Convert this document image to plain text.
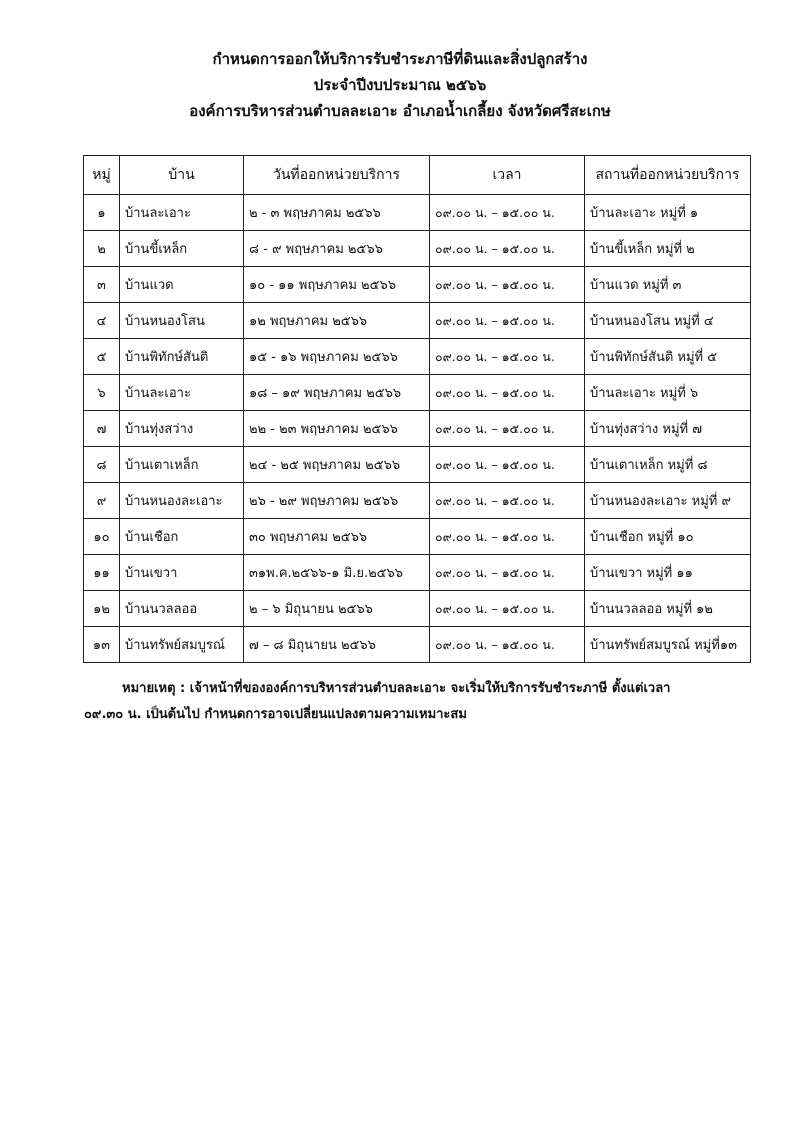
กำหนดการออกให้บริการรับชำระภาษีที่ดินและสิ่งปลูกสร้าง
ประจำปีงบประมาณ ๒๕๖๖
องค์การบริหารส่วนตำบลละเอาะ อำเภอน้ำเกลี้ยง จังหวัดศรีสะเกษ
หมู่	บ้าน	วันที่ออกหน่วยบริการ	เวลา	สถานที่ออกหน่วยบริการ
๑	บ้านละเอาะ	๒ - ๓ พฤษภาคม ๒๕๖๖	๐๙.๐๐ น. – ๑๕.๐๐ น.	บ้านละเอาะ หมู่ที่ ๑
๒	บ้านขี้เหล็ก	๘ - ๙ พฤษภาคม ๒๕๖๖	๐๙.๐๐ น. – ๑๕.๐๐ น.	บ้านขี้เหล็ก หมู่ที่ ๒
๓	บ้านแวด	๑๐ - ๑๑ พฤษภาคม ๒๕๖๖	๐๙.๐๐ น. – ๑๕.๐๐ น.	บ้านแวด หมู่ที่ ๓
๔	บ้านหนองโสน	๑๒ พฤษภาคม ๒๕๖๖	๐๙.๐๐ น. – ๑๕.๐๐ น.	บ้านหนองโสน หมู่ที่ ๔
๕	บ้านพิทักษ์สันติ	๑๕ - ๑๖ พฤษภาคม ๒๕๖๖	๐๙.๐๐ น. – ๑๕.๐๐ น.	บ้านพิทักษ์สันติ หมู่ที่ ๕
๖	บ้านละเอาะ	๑๘ – ๑๙ พฤษภาคม ๒๕๖๖	๐๙.๐๐ น. – ๑๕.๐๐ น.	บ้านละเอาะ หมู่ที่ ๖
๗	บ้านทุ่งสว่าง	๒๒ - ๒๓ พฤษภาคม ๒๕๖๖	๐๙.๐๐ น. – ๑๕.๐๐ น.	บ้านทุ่งสว่าง หมู่ที่ ๗
๘	บ้านเตาเหล็ก	๒๔ - ๒๕ พฤษภาคม ๒๕๖๖	๐๙.๐๐ น. – ๑๕.๐๐ น.	บ้านเตาเหล็ก หมู่ที่ ๘
๙	บ้านหนองละเอาะ	๒๖ - ๒๙ พฤษภาคม ๒๕๖๖	๐๙.๐๐ น. – ๑๕.๐๐ น.	บ้านหนองละเอาะ หมู่ที่ ๙
๑๐	บ้านเชือก	๓๐ พฤษภาคม ๒๕๖๖	๐๙.๐๐ น. – ๑๕.๐๐ น.	บ้านเชือก หมู่ที่ ๑๐
๑๑	บ้านเขวา	๓๑พ.ค.๒๕๖๖-๑ มิ.ย.๒๕๖๖	๐๙.๐๐ น. – ๑๕.๐๐ น.	บ้านเขวา หมู่ที่ ๑๑
๑๒	บ้านนวลลออ	๒ – ๖ มิถุนายน ๒๕๖๖	๐๙.๐๐ น. – ๑๕.๐๐ น.	บ้านนวลลออ หมู่ที่ ๑๒
๑๓	บ้านทรัพย์สมบูรณ์	๗ – ๘ มิถุนายน ๒๕๖๖	๐๙.๐๐ น. – ๑๕.๐๐ น.	บ้านทรัพย์สมบูรณ์ หมู่ที่๑๓
หมายเหตุ : เจ้าหน้าที่ขององค์การบริหารส่วนตำบลละเอาะ จะเริ่มให้บริการรับชำระภาษี ตั้งแต่เวลา
๐๙.๓๐ น. เป็นต้นไป กำหนดการอาจเปลี่ยนแปลงตามความเหมาะสม
